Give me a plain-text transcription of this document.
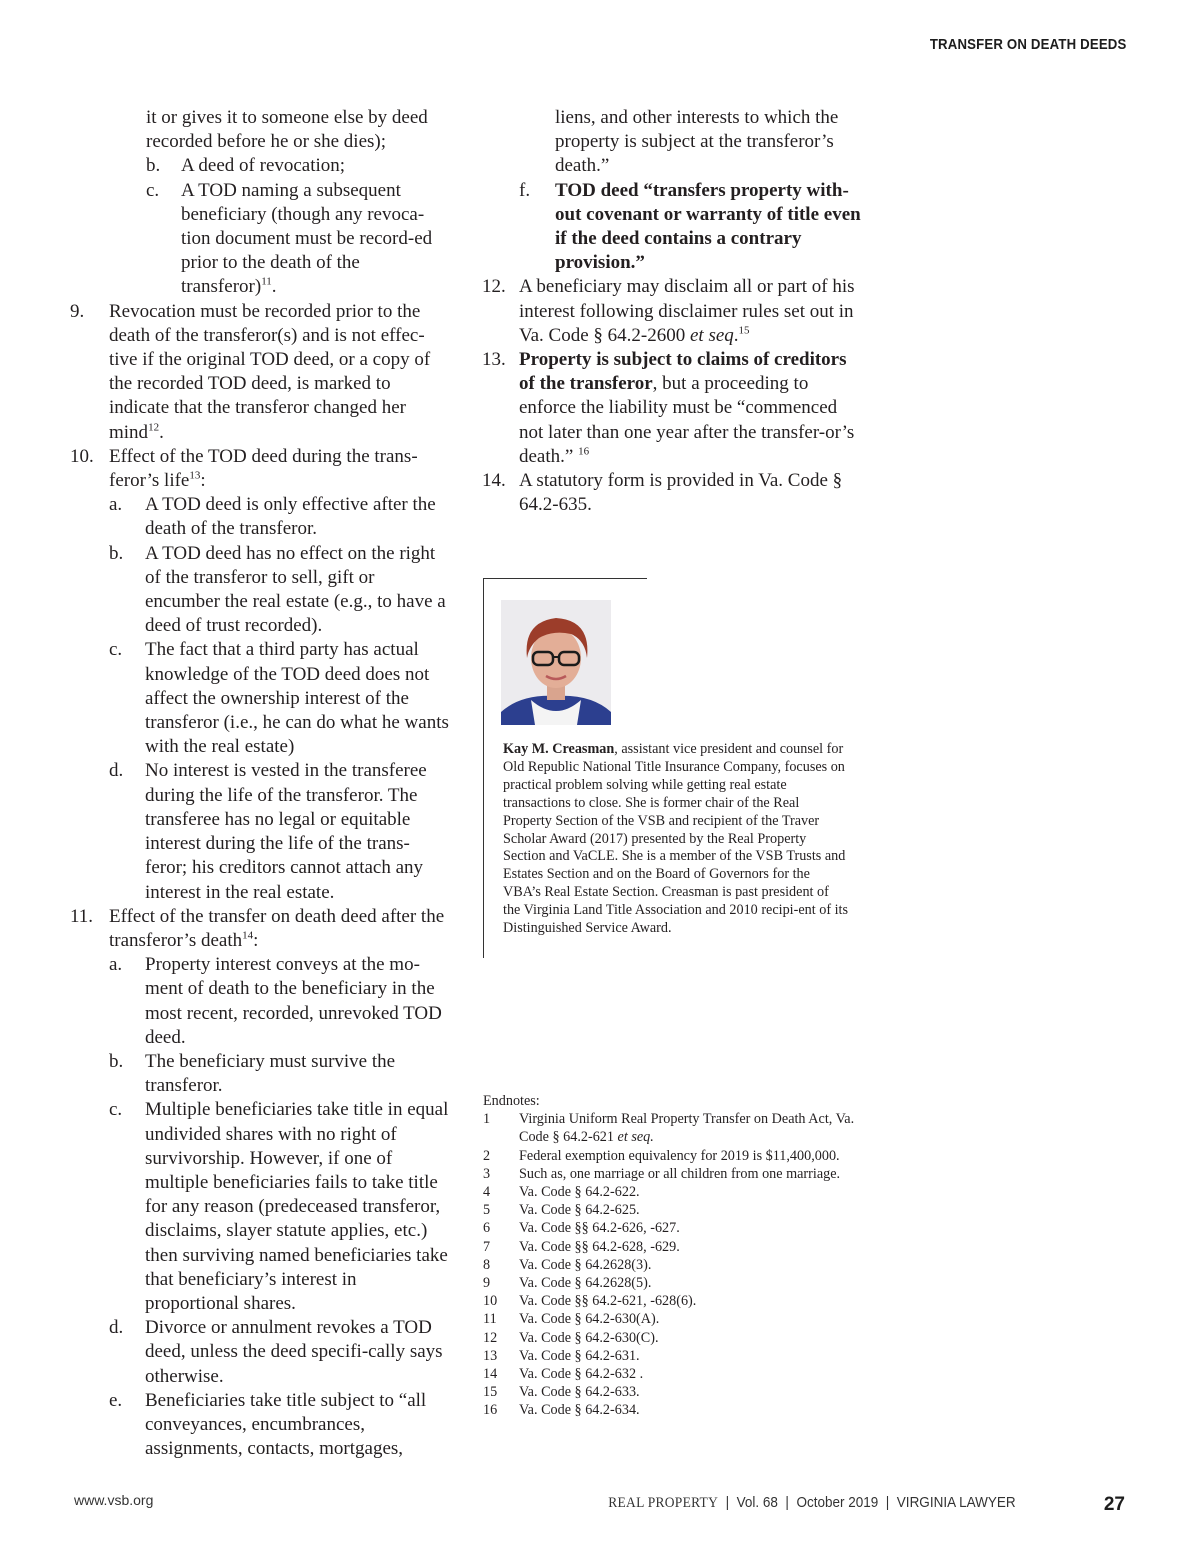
TRANSFER ON DEATH DEEDS
it or gives it to someone else by deed recorded before he or she dies);
b.	A deed of revocation;
c.	A TOD naming a subsequent beneficiary (though any revoca-tion document must be record-ed prior to the death of the transferor)$^{11}$.
9.	Revocation must be recorded prior to the death of the transferor(s) and is not effec-tive if the original TOD deed, or a copy of the recorded TOD deed, is marked to indicate that the transferor changed her mind$^{12}$.
10. Effect of the TOD deed during the trans-feror’s life$^{13}$:
a.	A TOD deed is only effective after the death of the transferor.
b.	A TOD deed has no effect on the right of the transferor to sell, gift or encumber the real estate (e.g., to have a deed of trust recorded).
c.	The fact that a third party has actual knowledge of the TOD deed does not affect the ownership interest of the transferor (i.e., he can do what he wants with the real estate)
d.	No interest is vested in the transferee during the life of the transferor. The transferee has no legal or equitable interest during the life of the trans-feror; his creditors cannot attach any interest in the real estate.
11. Effect of the transfer on death deed after the transferor’s death$^{14}$:
a.	Property interest conveys at the mo-ment of death to the beneficiary in the most recent, recorded, unrevoked TOD deed.
b.	The beneficiary must survive the transferor.
c.	Multiple beneficiaries take title in equal undivided shares with no right of survivorship. However, if one of multiple beneficiaries fails to take title for any reason (predeceased transferor, disclaims, slayer statute applies, etc.) then surviving named beneficiaries take that beneficiary’s interest in proportional shares.
d.	Divorce or annulment revokes a TOD deed, unless the deed specifi-cally says otherwise.
e.	Beneficiaries take title subject to “all conveyances, encumbrances, assignments, contacts, mortgages,
liens, and other interests to which the property is subject at the transferor’s death.”
f.	TOD deed “transfers property with-out covenant or warranty of title even if the deed contains a contrary provision.”
12. A beneficiary may disclaim all or part of his interest following disclaimer rules set out in Va. Code § 64.2-2600 et seq.$^{15}$
13. Property is subject to claims of creditors of the transferor, but a proceeding to enforce the liability must be “commenced not later than one year after the transfer-or’s death.” $^{16}$
14. A statutory form is provided in Va. Code § 64.2-635.
Kay M. Creasman, assistant vice president and counsel for Old Republic National Title Insurance Company, focuses on practical problem solving while getting real estate transactions to close. She is former chair of the Real Property Section of the VSB and recipient of the Traver Scholar Award (2017) presented by the Real Property Section and VaCLE. She is a member of the VSB Trusts and Estates Section and on the Board of Governors for the VBA’s Real Estate Section. Creasman is past president of the Virginia Land Title Association and 2010 recipi-ent of its Distinguished Service Award.
Endnotes:
1 Virginia Uniform Real Property Transfer on Death Act, Va. Code § 64.2-621 et seq.
2 Federal exemption equivalency for 2019 is $11,400,000.
3 Such as, one marriage or all children from one marriage.
4 Va. Code § 64.2-622.
5 Va. Code § 64.2-625.
6 Va. Code §§ 64.2-626, -627.
7 Va. Code §§ 64.2-628, -629.
8 Va. Code § 64.2628(3).
9 Va. Code § 64.2628(5).
10 Va. Code §§ 64.2-621, -628(6).
11 Va. Code § 64.2-630(A).
12 Va. Code § 64.2-630(C).
13 Va. Code § 64.2-631.
14 Va. Code § 64.2-632 .
15 Va. Code § 64.2-633.
16 Va. Code § 64.2-634.
www.vsb.org	REAL PROPERTY | Vol. 68 | October 2019 | VIRGINIA LAWYER	27
